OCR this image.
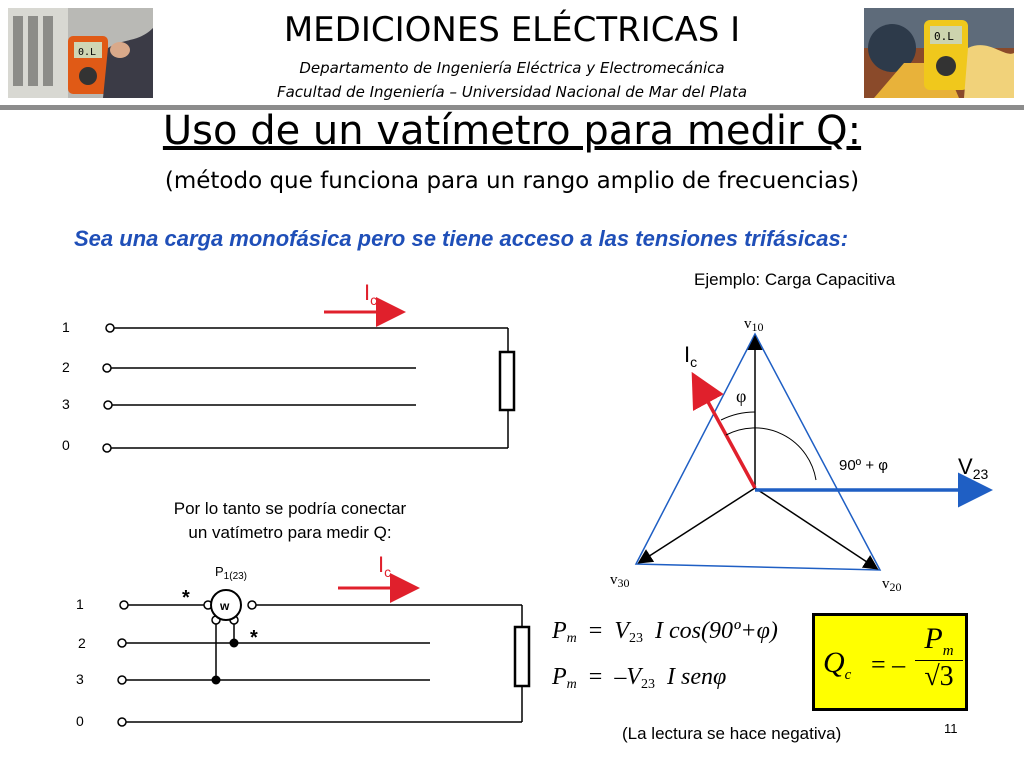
0.L
0.L
MEDICIONES ELÉCTRICAS I
Departamento de Ingeniería Eléctrica y Electromecánica
Facultad de Ingeniería – Universidad Nacional de Mar del Plata
Uso de un vatímetro para medir Q:
(método que funciona para un rango amplio de frecuencias)
Sea una carga monofásica pero se tiene acceso a las tensiones trifásicas:
$I_c$
1
2
3
0
Ejemplo: Carga Capacitiva
$v_{10}$
$v_{30}$	$v_{20}$
$V_{23}$
$I_c$
φ
90º + φ
Por lo tanto se podría conectar
un vatímetro para medir Q:
$I_c$
$P_{1(23)}$
1
2
3
0
w
*
*	$P_m = V_{23}$ I cos(90º+φ)
$P_m = -V_{23}$ I senφ	$Q_c$ = –
$P_m$
√3
(La lectura se hace negativa)	11
